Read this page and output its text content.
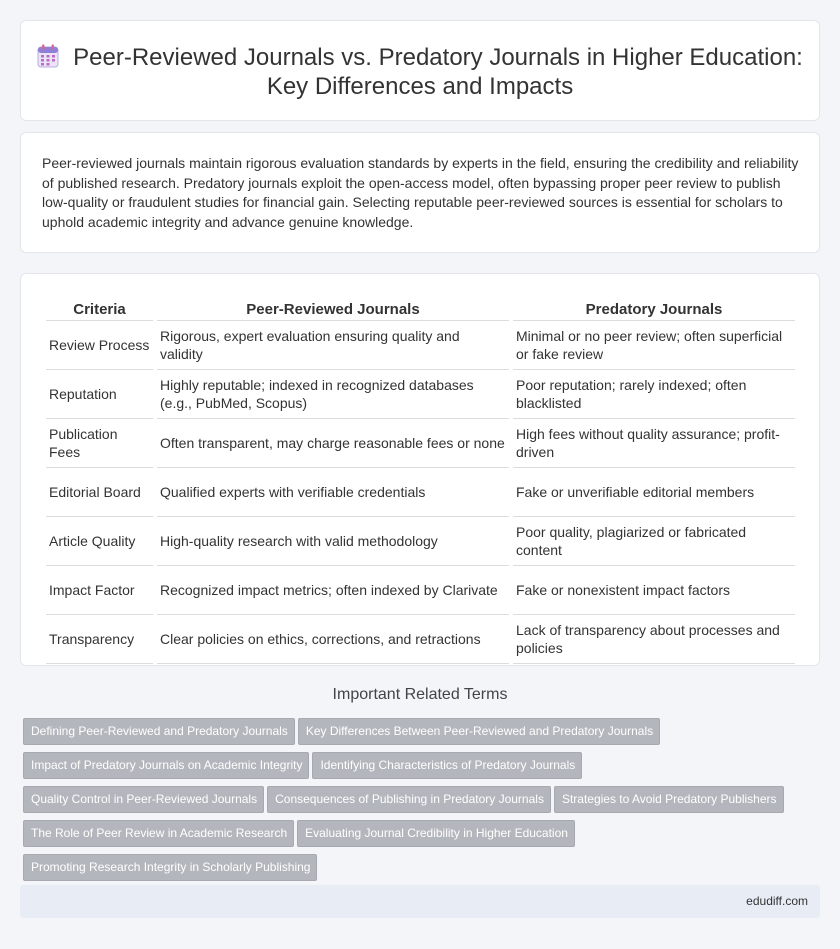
Peer-Reviewed Journals vs. Predatory Journals in Higher Education: Key Differences and Impacts

Peer-reviewed journals maintain rigorous evaluation standards by experts in the field, ensuring the credibility and reliability of published research. Predatory journals exploit the open-access model, often bypassing proper peer review to publish low-quality or fraudulent studies for financial gain. Selecting reputable peer-reviewed sources is essential for scholars to uphold academic integrity and advance genuine knowledge.

Criteria	Peer-Reviewed Journals	Predatory Journals
Review Process	Rigorous, expert evaluation ensuring quality and validity	Minimal or no peer review; often superficial or fake review
Reputation	Highly reputable; indexed in recognized databases (e.g., PubMed, Scopus)	Poor reputation; rarely indexed; often blacklisted
Publication Fees	Often transparent, may charge reasonable fees or none	High fees without quality assurance; profit-driven
Editorial Board	Qualified experts with verifiable credentials	Fake or unverifiable editorial members
Article Quality	High-quality research with valid methodology	Poor quality, plagiarized or fabricated content
Impact Factor	Recognized impact metrics; often indexed by Clarivate	Fake or nonexistent impact factors
Transparency	Clear policies on ethics, corrections, and retractions	Lack of transparency about processes and policies
Important Related Terms
Defining Peer-Reviewed and Predatory Journals Key Differences Between Peer-Reviewed and Predatory Journals
Impact of Predatory Journals on Academic Integrity Identifying Characteristics of Predatory Journals
Quality Control in Peer-Reviewed Journals Consequences of Publishing in Predatory Journals Strategies to Avoid Predatory Publishers
The Role of Peer Review in Academic Research Evaluating Journal Credibility in Higher Education
Promoting Research Integrity in Scholarly Publishing
edudiff.com
